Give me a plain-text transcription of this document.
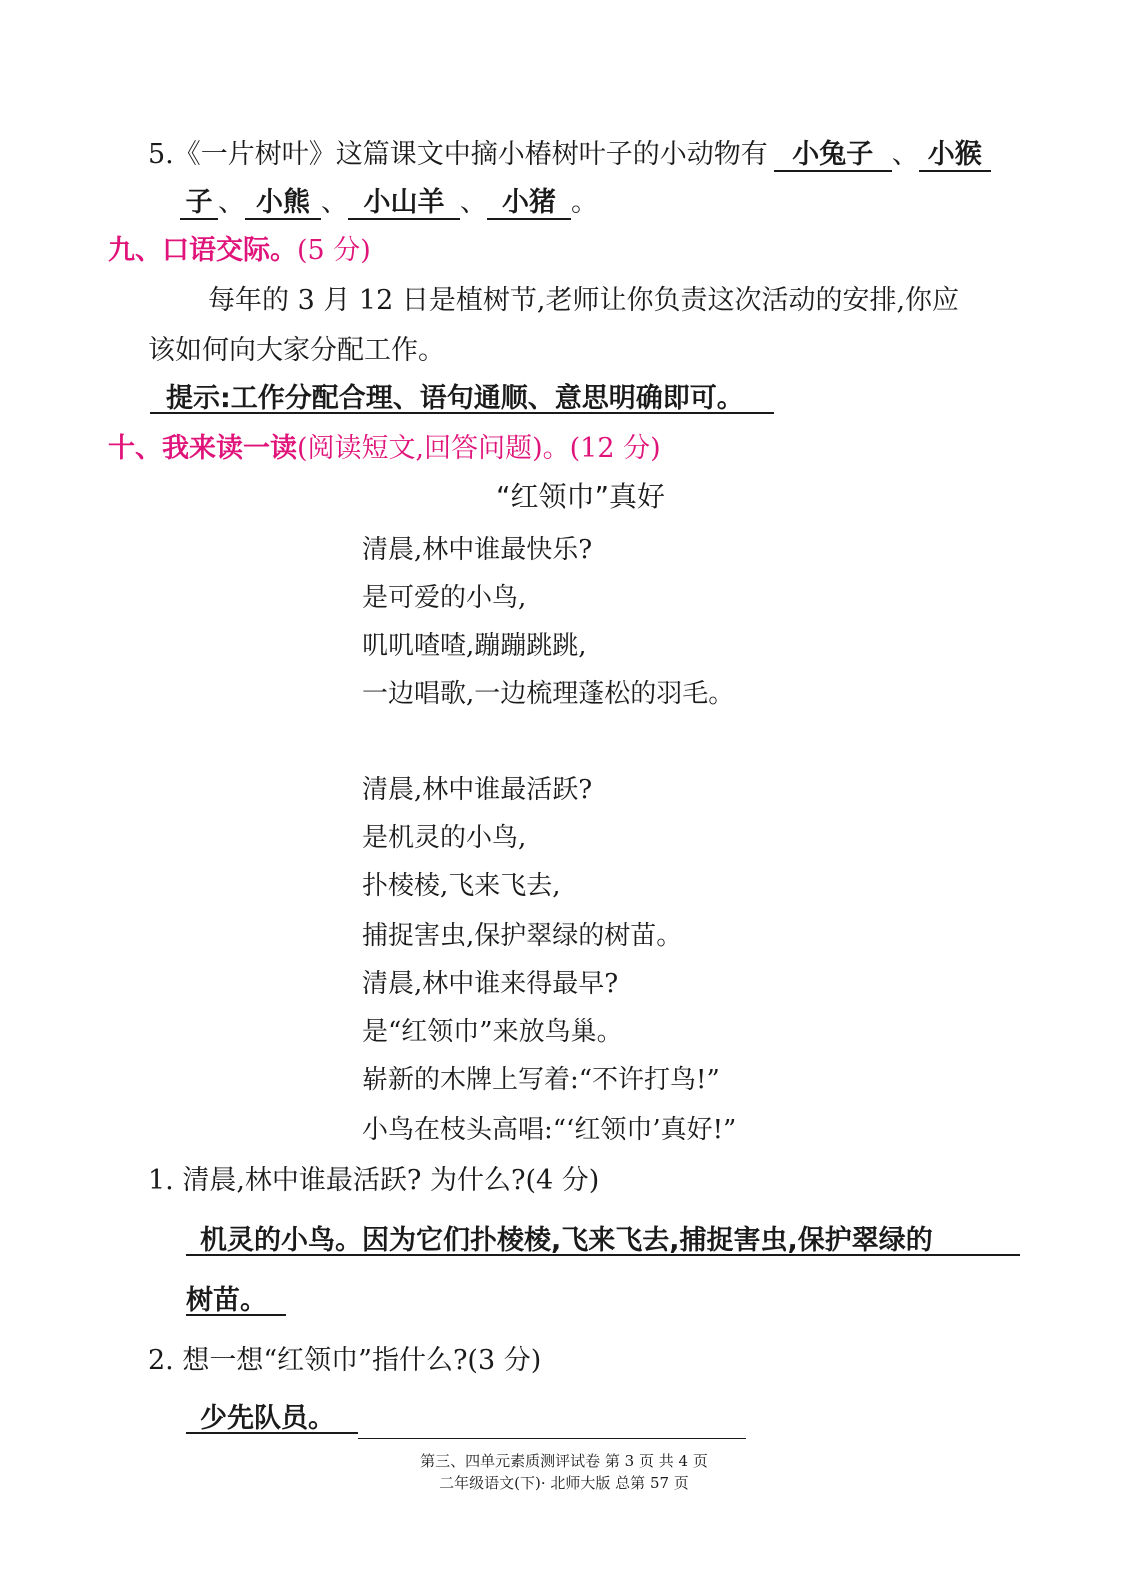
5.《一片树叶》这篇课文中摘小椿树叶子的小动物有 小兔子 、 小猴
子 、 小熊 、 小山羊 、 小猪 。
九、口语交际。(5 分)
每年的 3 月 12 日是植树节,老师让你负责这次活动的安排,你应
该如何向大家分配工作。
提示:工作分配合理、语句通顺、意思明确即可。
十、我来读一读(阅读短文,回答问题)。(12 分)
“红领巾”真好
清晨,林中谁最快乐?
是可爱的小鸟,
叽叽喳喳,蹦蹦跳跳,
一边唱歌,一边梳理蓬松的羽毛。
清晨,林中谁最活跃?
是机灵的小鸟,
扑棱棱,飞来飞去,
捕捉害虫,保护翠绿的树苗。
清晨,林中谁来得最早?
是“红领巾”来放鸟巢。
崭新的木牌上写着:“不许打鸟!”
小鸟在枝头高唱:“‘红领巾’真好!”
1. 清晨,林中谁最活跃? 为什么?(4 分)
机灵的小鸟。因为它们扑棱棱,飞来飞去,捕捉害虫,保护翠绿的
树苗。
2. 想一想“红领巾”指什么?(3 分)
少先队员。
第三、四单元素质测评试卷 第 3 页 共 4 页
二年级语文(下)· 北师大版 总第 57 页
